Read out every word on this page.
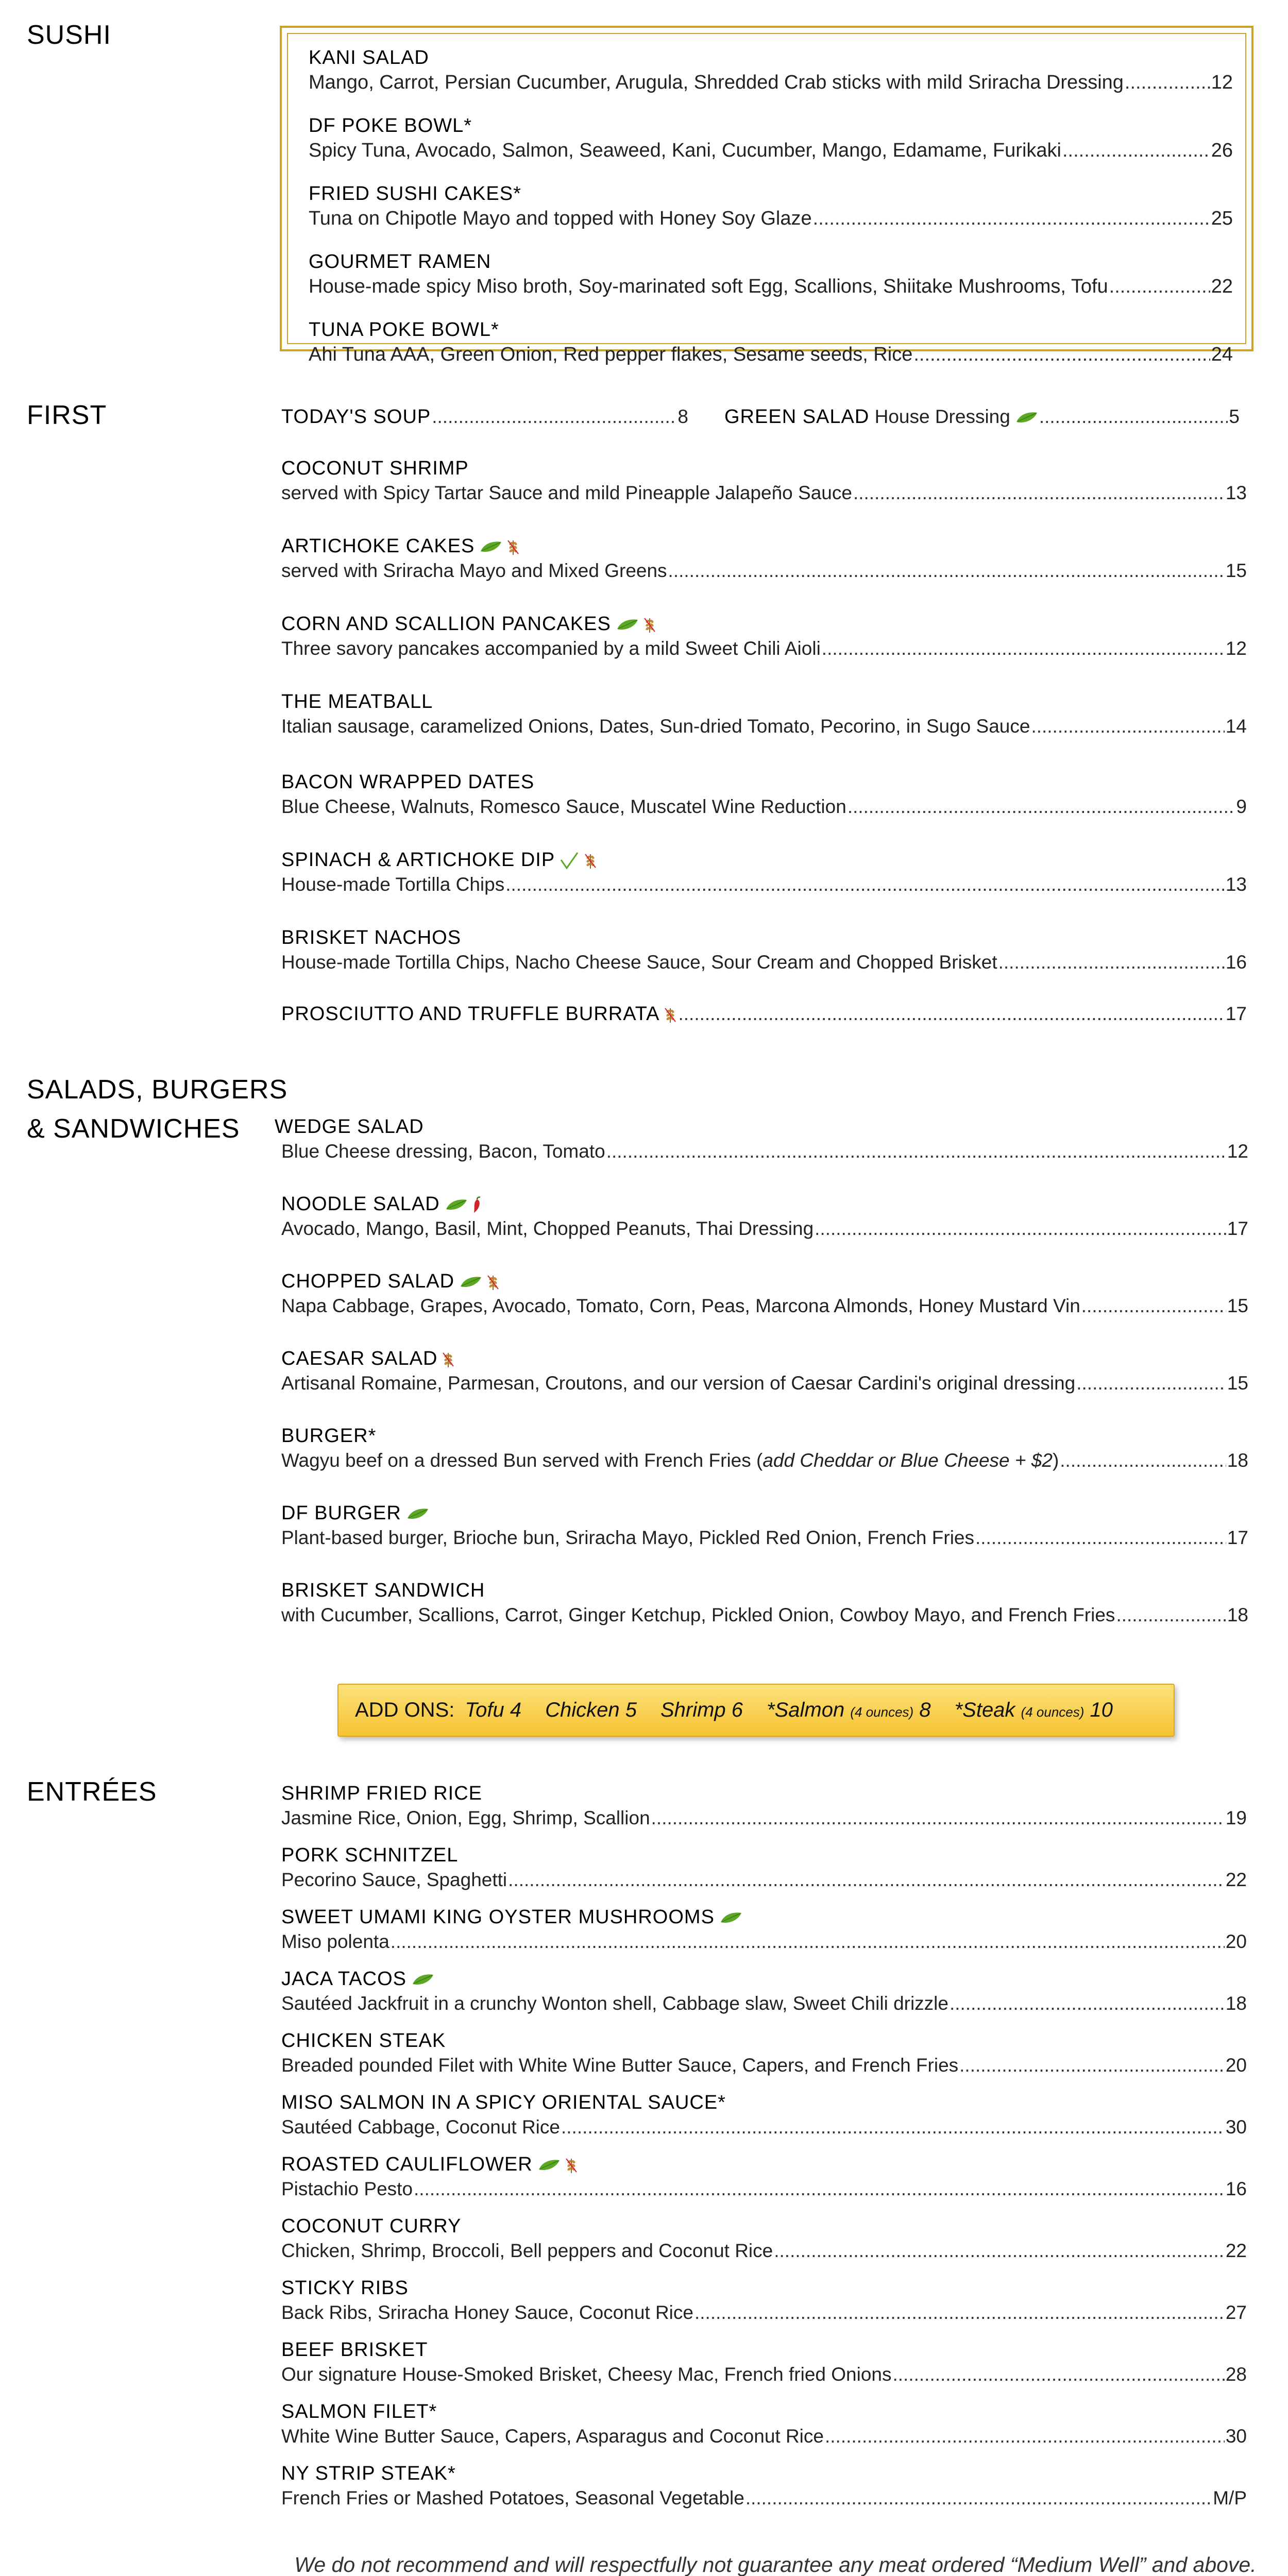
SUSHI
FIRST
SALADS, BURGERS
& SANDWICHES
ENTRÉES
KANI SALAD
Mango, Carrot, Persian Cucumber, Arugula, Shredded Crab sticks with mild Sriracha Dressing .....	12
DF POKE BOWL*
Spicy Tuna, Avocado, Salmon, Seaweed, Kani, Cucumber, Mango, Edamame, Furikaki .....	26
FRIED SUSHI CAKES*
Tuna on Chipotle Mayo and topped with Honey Soy Glaze .....	25
GOURMET RAMEN
House-made spicy Miso broth, Soy-marinated soft Egg, Scallions, Shiitake Mushrooms, Tofu .....	22
TUNA POKE BOWL*
Ahi Tuna AAA, Green Onion, Red pepper flakes, Sesame seeds, Rice .....	24
TODAY'S SOUP .....	8 GREEN SALAD House Dressing .....	5
COCONUT SHRIMP
served with Spicy Tartar Sauce and mild Pineapple Jalapeño Sauce .....	13
ARTICHOKE CAKES
served with Sriracha Mayo and Mixed Greens .....	15
CORN AND SCALLION PANCAKES
Three savory pancakes accompanied by a mild Sweet Chili Aioli .....	12
THE MEATBALL
Italian sausage, caramelized Onions, Dates, Sun-dried Tomato, Pecorino, in Sugo Sauce .....	14
BACON WRAPPED DATES
Blue Cheese, Walnuts, Romesco Sauce, Muscatel Wine Reduction .....	9
SPINACH & ARTICHOKE DIP
House-made Tortilla Chips .....	13
BRISKET NACHOS
House-made Tortilla Chips, Nacho Cheese Sauce, Sour Cream and Chopped Brisket .....	16
PROSCIUTTO AND TRUFFLE BURRATA .....	17
WEDGE SALAD
Blue Cheese dressing, Bacon, Tomato .....	12
NOODLE SALAD
Avocado, Mango, Basil, Mint, Chopped Peanuts, Thai Dressing .....	17
CHOPPED SALAD
Napa Cabbage, Grapes, Avocado, Tomato, Corn, Peas, Marcona Almonds, Honey Mustard Vin .....	15
CAESAR SALAD
Artisanal Romaine, Parmesan, Croutons, and our version of Caesar Cardini's original dressing .....	15
BURGER*
Wagyu beef on a dressed Bun served with French Fries (add Cheddar or Blue Cheese + $2) .....	18
DF BURGER
Plant-based burger, Brioche bun, Sriracha Mayo, Pickled Red Onion, French Fries .....	17
BRISKET SANDWICH
with Cucumber, Scallions, Carrot, Ginger Ketchup, Pickled Onion, Cowboy Mayo, and French Fries .....	18
ADD ONS: Tofu 4 Chicken 5 Shrimp 6 *Salmon (4 ounces) 8 *Steak (4 ounces) 10
SHRIMP FRIED RICE
Jasmine Rice, Onion, Egg, Shrimp, Scallion .....	19
PORK SCHNITZEL
Pecorino Sauce, Spaghetti .....	22
SWEET UMAMI KING OYSTER MUSHROOMS
Miso polenta .....	20
JACA TACOS
Sautéed Jackfruit in a crunchy Wonton shell, Cabbage slaw, Sweet Chili drizzle .....	18
CHICKEN STEAK
Breaded pounded Filet with White Wine Butter Sauce, Capers, and French Fries .....	20
MISO SALMON IN A SPICY ORIENTAL SAUCE*
Sautéed Cabbage, Coconut Rice .....	30
ROASTED CAULIFLOWER
Pistachio Pesto .....	16
COCONUT CURRY
Chicken, Shrimp, Broccoli, Bell peppers and Coconut Rice .....	22
STICKY RIBS
Back Ribs, Sriracha Honey Sauce, Coconut Rice .....	27
BEEF BRISKET
Our signature House-Smoked Brisket, Cheesy Mac, French fried Onions .....	28
SALMON FILET*
White Wine Butter Sauce, Capers, Asparagus and Coconut Rice .....	30
NY STRIP STEAK*
French Fries or Mashed Potatoes, Seasonal Vegetable .....	M/P
We do not recommend and will respectfully not guarantee any meat ordered “Medium Well” and above.
